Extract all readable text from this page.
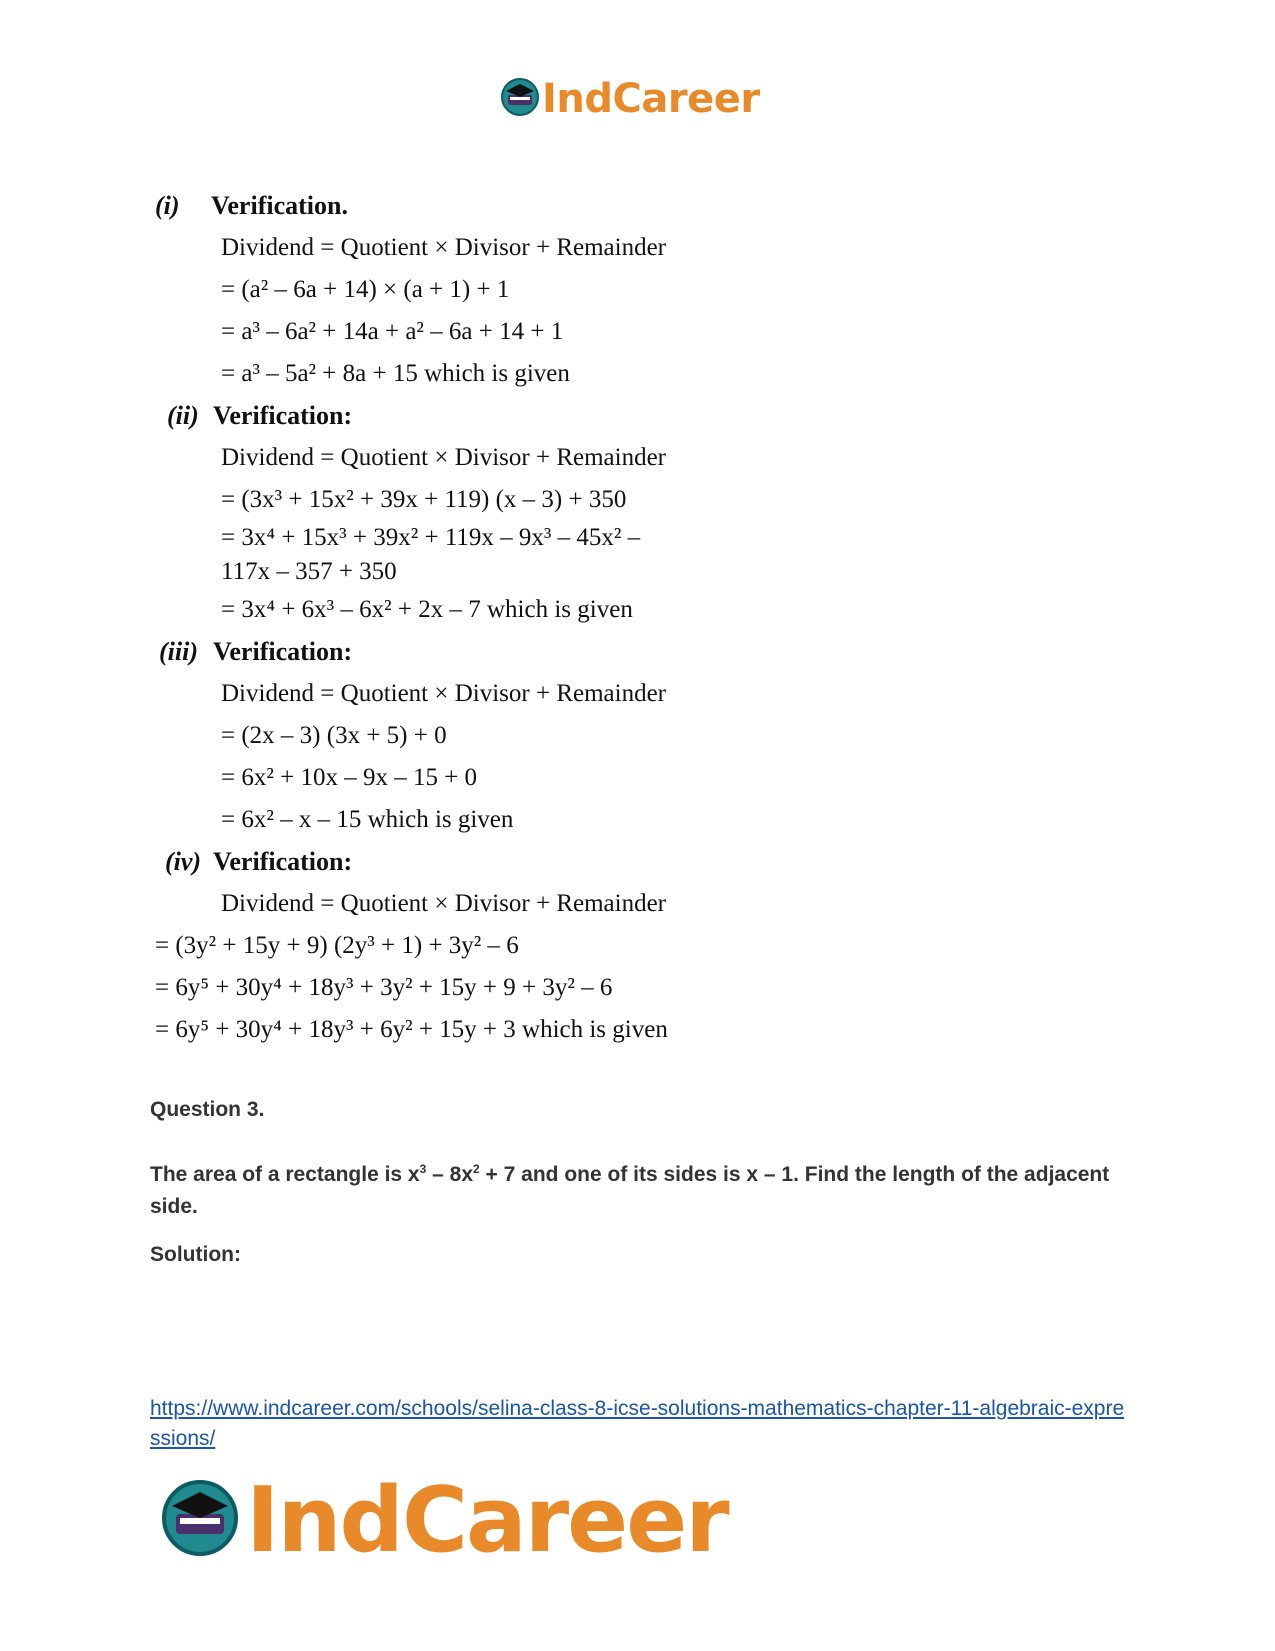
IndCareer
(i) Verification.
Dividend = Quotient × Divisor + Remainder
= (a² – 6a + 14) × (a + 1) + 1
= a³ – 6a² + 14a + a² – 6a + 14 + 1
= a³ – 5a² + 8a + 15 which is given
(ii) Verification:
Dividend = Quotient × Divisor + Remainder
= (3x³ + 15x² + 39x + 119) (x – 3) + 350
= 3x⁴ + 15x³ + 39x² + 119x – 9x³ – 45x² –
117x – 357 + 350
= 3x⁴ + 6x³ – 6x² + 2x – 7 which is given
(iii) Verification:
Dividend = Quotient × Divisor + Remainder
= (2x – 3) (3x + 5) + 0
= 6x² + 10x – 9x – 15 + 0
= 6x² – x – 15 which is given
(iv) Verification:
Dividend = Quotient × Divisor + Remainder
= (3y² + 15y + 9) (2y³ + 1) + 3y² – 6
= 6y⁵ + 30y⁴ + 18y³ + 3y² + 15y + 9 + 3y² – 6
= 6y⁵ + 30y⁴ + 18y³ + 6y² + 15y + 3 which is given
Question 3.
The area of a rectangle is $x^3 - 8x^2 + 7$ and one of its sides is x – 1. Find the length of the adjacent side.
Solution:
https://www.indcareer.com/schools/selina-class-8-icse-solutions-mathematics-chapter-11-algebraic-expressions/
IndCareer
